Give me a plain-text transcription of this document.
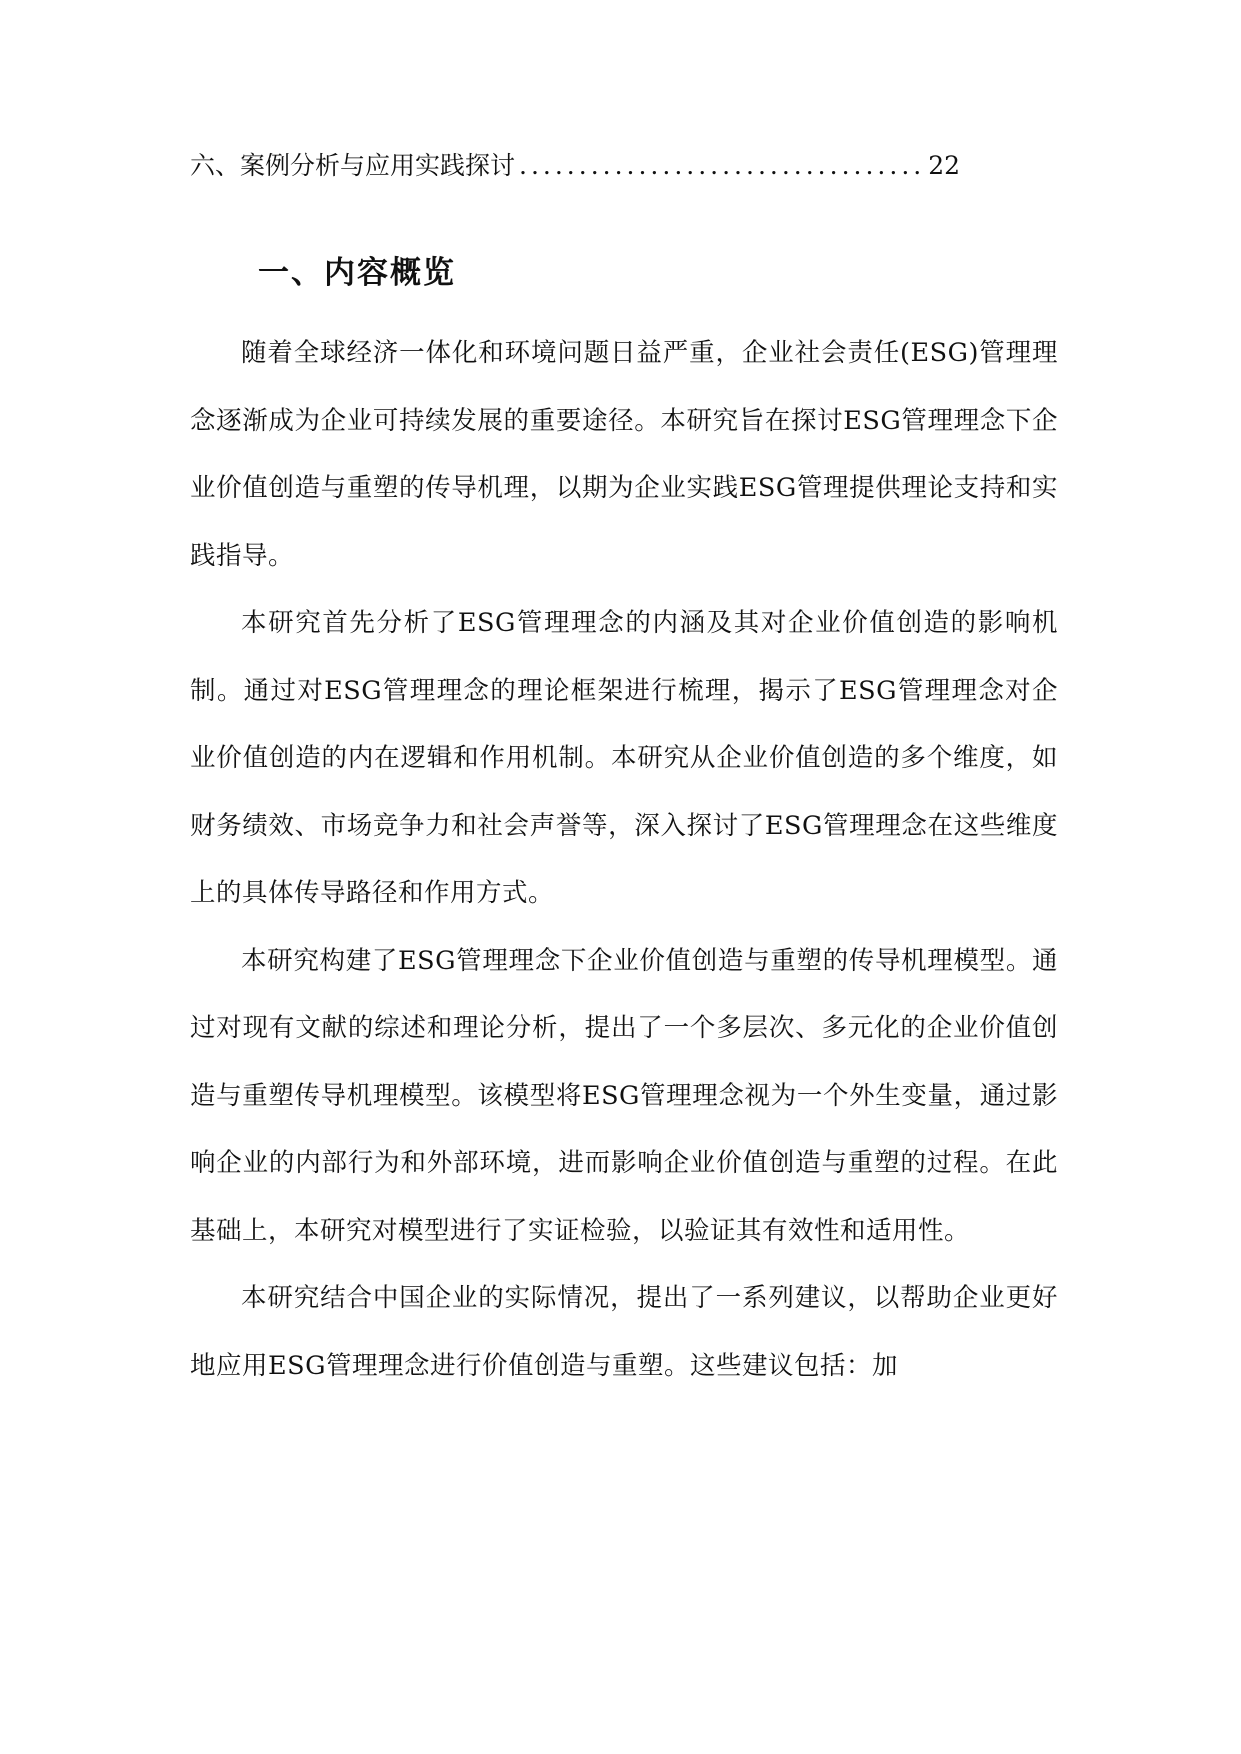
六、案例分析与应用实践探讨
.....	22
一、内容概览

随着全球经济一体化和环境问题日益严重，企业社会责任(ESG)管理理念逐渐成为企业可持续发展的重要途径。本研究旨在探讨ESG管理理念下企业价值创造与重塑的传导机理，以期为企业实践ESG管理提供理论支持和实践指导。

本研究首先分析了ESG管理理念的内涵及其对企业价值创造的影响机制。通过对ESG管理理念的理论框架进行梳理，揭示了ESG管理理念对企业价值创造的内在逻辑和作用机制。本研究从企业价值创造的多个维度，如财务绩效、市场竞争力和社会声誉等，深入探讨了ESG管理理念在这些维度上的具体传导路径和作用方式。

本研究构建了ESG管理理念下企业价值创造与重塑的传导机理模型。通过对现有文献的综述和理论分析，提出了一个多层次、多元化的企业价值创造与重塑传导机理模型。该模型将ESG管理理念视为一个外生变量，通过影响企业的内部行为和外部环境，进而影响企业价值创造与重塑的过程。在此基础上，本研究对模型进行了实证检验，以验证其有效性和适用性。

本研究结合中国企业的实际情况，提出了一系列建议，以帮助企业更好地应用ESG管理理念进行价值创造与重塑。这些建议包括：加
